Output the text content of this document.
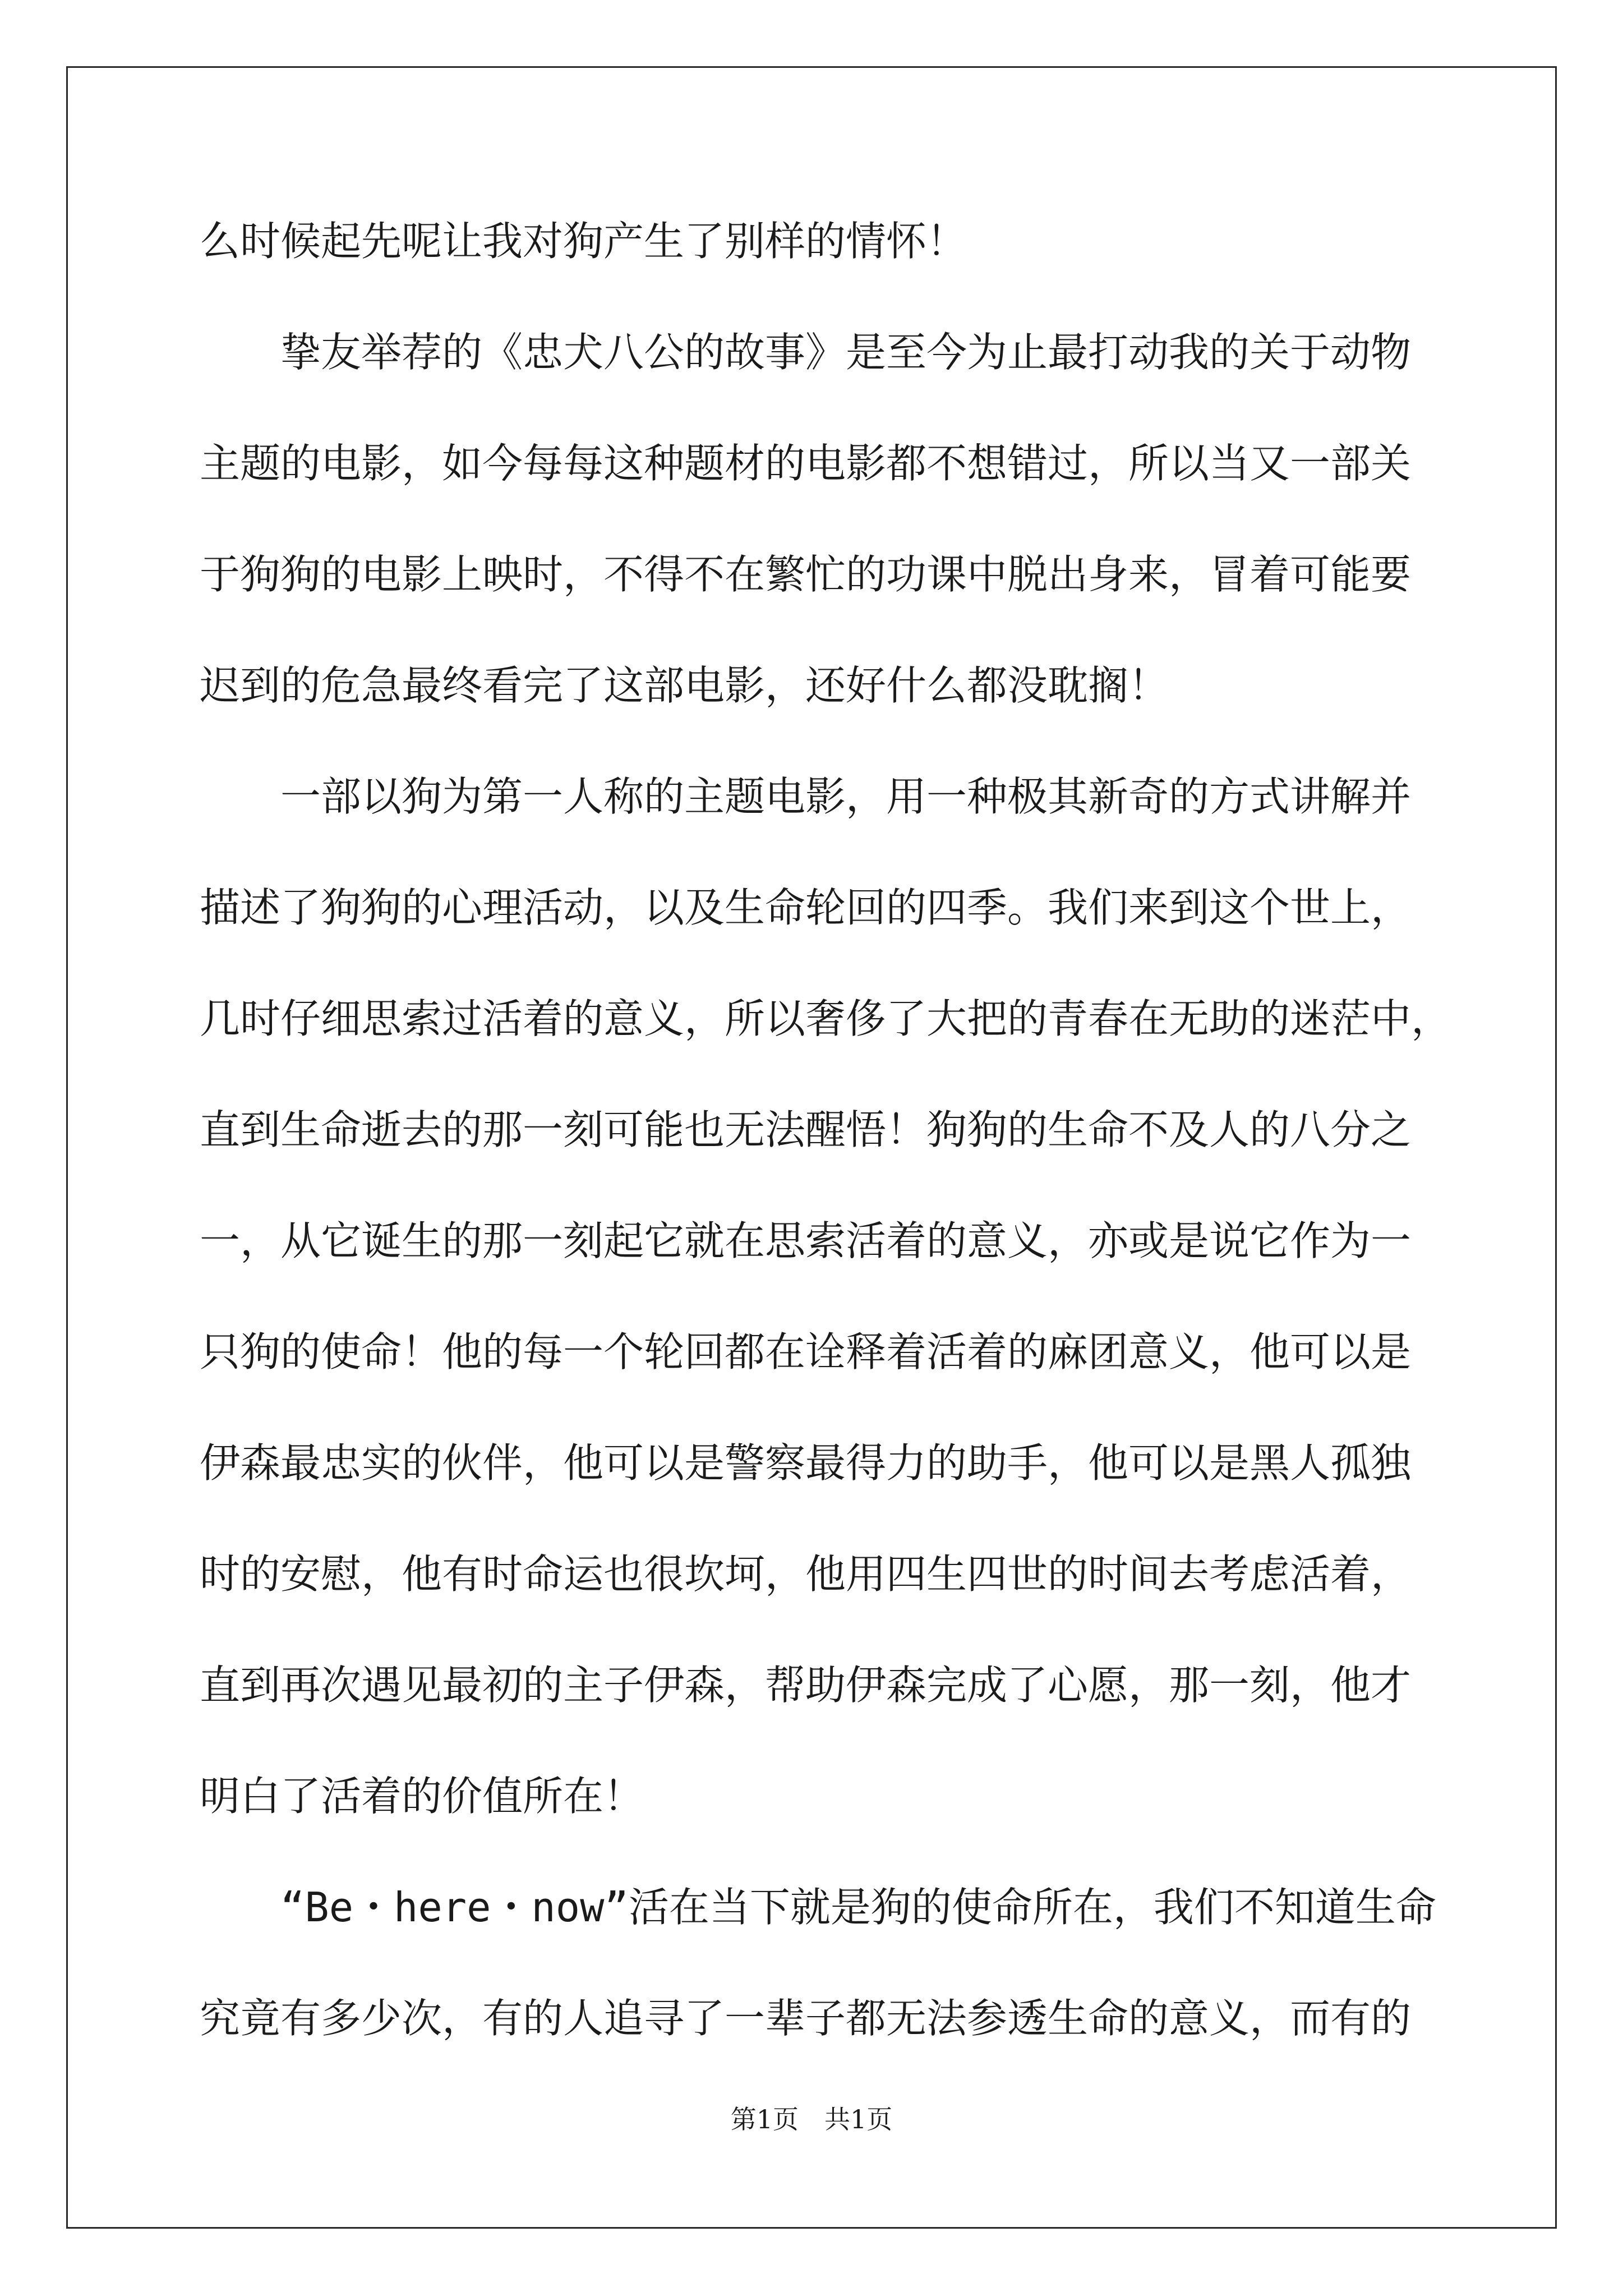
么时候起先呢让我对狗产生了别样的情怀！
　　挚友举荐的《忠犬八公的故事》是至今为止最打动我的关于动物
主题的电影，如今每每这种题材的电影都不想错过，所以当又一部关
于狗狗的电影上映时，不得不在繁忙的功课中脱出身来，冒着可能要
迟到的危急最终看完了这部电影，还好什么都没耽搁！
　　一部以狗为第一人称的主题电影，用一种极其新奇的方式讲解并
描述了狗狗的心理活动，以及生命轮回的四季。我们来到这个世上，
几时仔细思索过活着的意义，所以奢侈了大把的青春在无助的迷茫中，
直到生命逝去的那一刻可能也无法醒悟！狗狗的生命不及人的八分之
一，从它诞生的那一刻起它就在思索活着的意义，亦或是说它作为一
只狗的使命！他的每一个轮回都在诠释着活着的麻团意义，他可以是
伊森最忠实的伙伴，他可以是警察最得力的助手，他可以是黑人孤独
时的安慰，他有时命运也很坎坷，他用四生四世的时间去考虑活着，
直到再次遇见最初的主子伊森，帮助伊森完成了心愿，那一刻，他才
明白了活着的价值所在！
　　“Be・here・now”活在当下就是狗的使命所在，我们不知道生命
究竟有多少次，有的人追寻了一辈子都无法参透生命的意义，而有的
第1页　共1页
